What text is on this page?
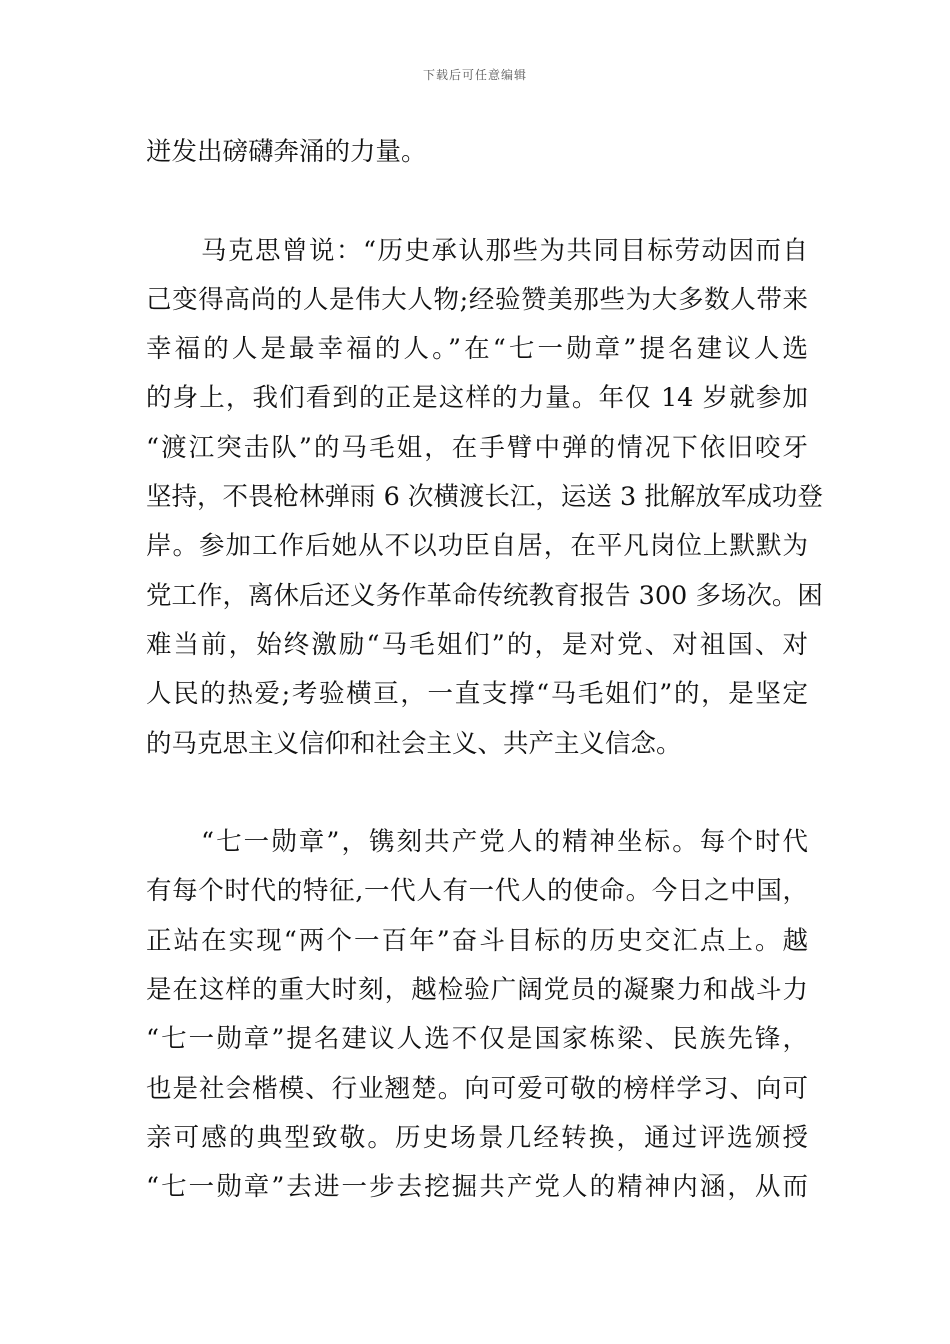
下载后可任意编辑
迸发出磅礴奔涌的力量。
马克思曾说：“历史承认那些为共同目标劳动因而自
己变得高尚的人是伟大人物;经验赞美那些为大多数人带来
幸福的人是最幸福的人。”在“七一勋章”提名建议人选
的身上，我们看到的正是这样的力量。年仅 14 岁就参加
“渡江突击队”的马毛姐，在手臂中弹的情况下依旧咬牙
坚持，不畏枪林弹雨 6 次横渡长江，运送 3 批解放军成功登
岸。参加工作后她从不以功臣自居，在平凡岗位上默默为
党工作，离休后还义务作革命传统教育报告 300 多场次。困
难当前，始终激励“马毛姐们”的，是对党、对祖国、对
人民的热爱;考验横亘，一直支撑“马毛姐们”的，是坚定
的马克思主义信仰和社会主义、共产主义信念。
“七一勋章”，镌刻共产党人的精神坐标。每个时代
有每个时代的特征,一代人有一代人的使命。今日之中国，
正站在实现“两个一百年”奋斗目标的历史交汇点上。越
是在这样的重大时刻，越检验广阔党员的凝聚力和战斗力
“七一勋章”提名建议人选不仅是国家栋梁、民族先锋，
也是社会楷模、行业翘楚。向可爱可敬的榜样学习、向可
亲可感的典型致敬。历史场景几经转换，通过评选颁授
“七一勋章”去进一步去挖掘共产党人的精神内涵，从而
